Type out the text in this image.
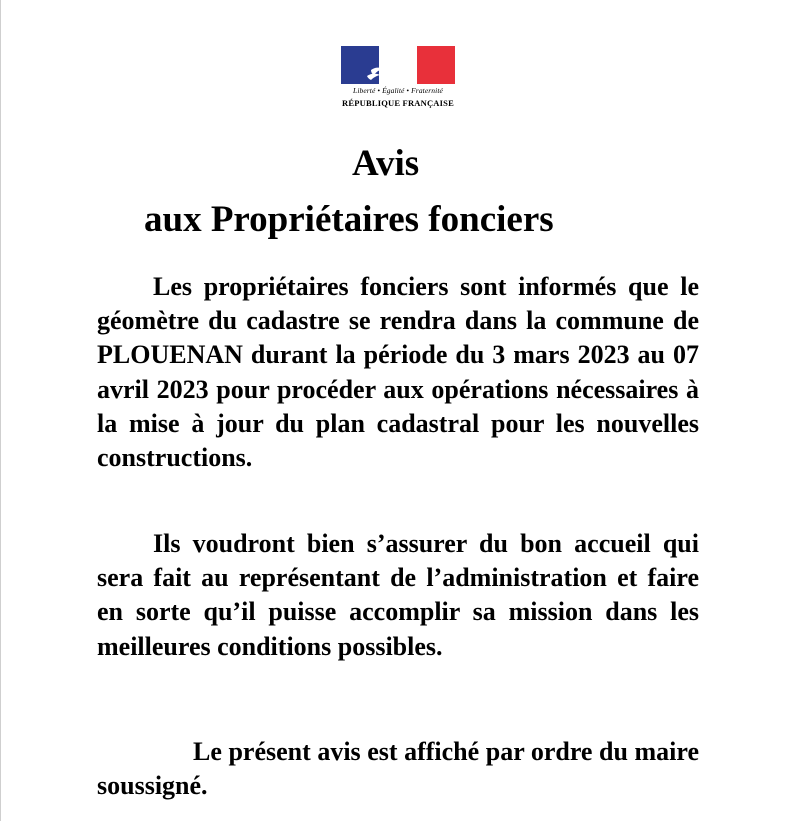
Liberté • Égalité • Fraternité
RÉPUBLIQUE FRANÇAISE
Avis
aux Propriétaires fonciers

Les propriétaires fonciers sont informés que le géomètre du cadastre se rendra dans la commune de PLOUENAN durant la période du 3 mars 2023 au 07 avril 2023 pour procéder aux opérations nécessaires à la mise à jour du plan cadastral pour les nouvelles constructions.

Ils voudront bien s’assurer du bon accueil qui sera fait au représentant de l’administration et faire en sorte qu’il puisse accomplir sa mission dans les meilleures conditions possibles.

Le présent avis est affiché par ordre du maire soussigné.
